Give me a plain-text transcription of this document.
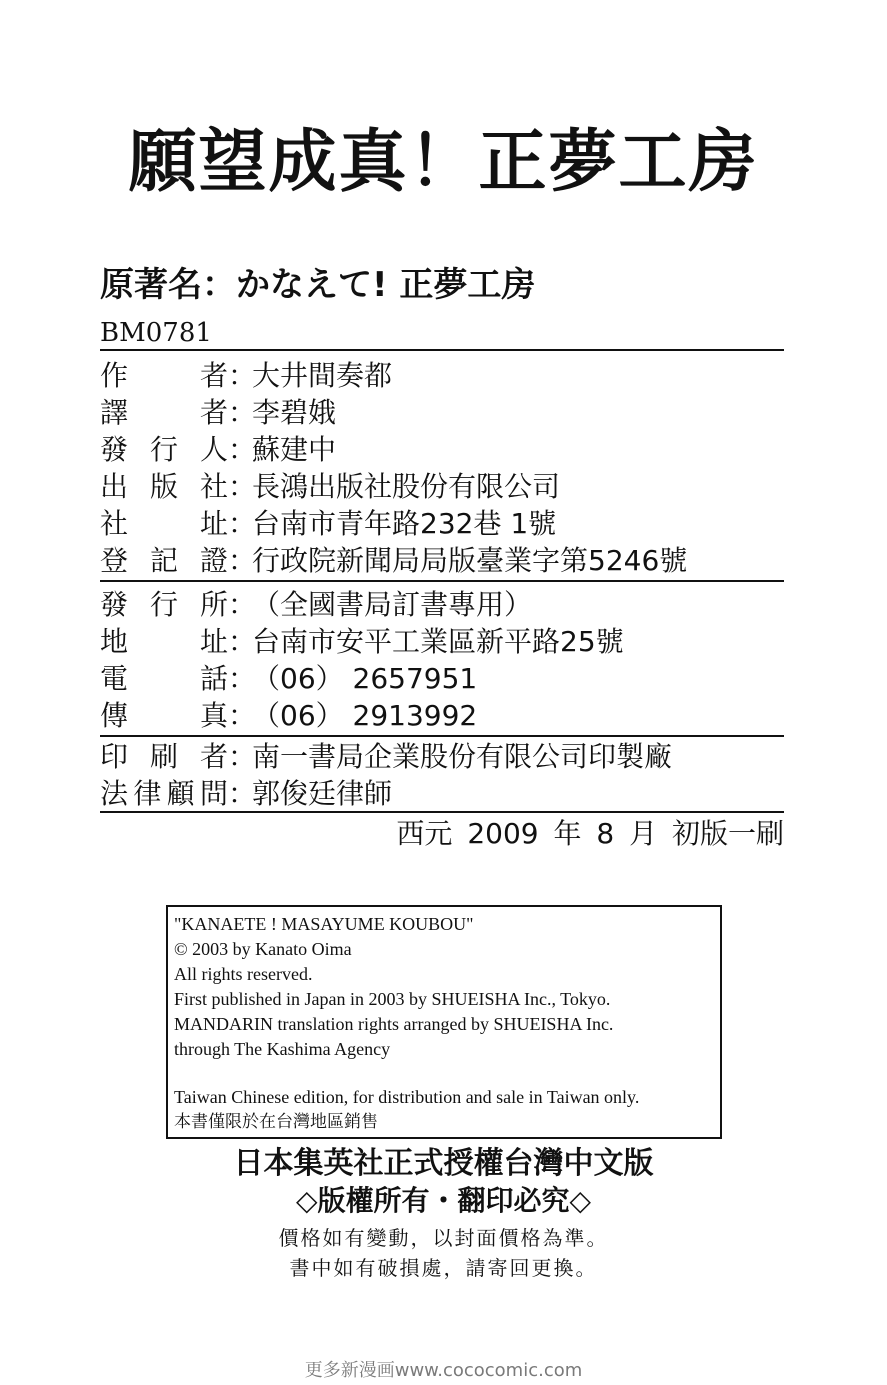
願望成真！正夢工房
原著名：かなえて! 正夢工房
BM0781
作者 ：
大井間奏都
譯者 ：
李碧娥
發行人 ：
蘇建中
出版社 ：
長鴻出版社股份有限公司
社址 ：
台南市青年路232巷 1號
登記證 ：
行政院新聞局局版臺業字第5246號
發行所 ：
（全國書局訂書專用）
地址 ：
台南市安平工業區新平路25號
電話 ：
（06） 2657951
傳真 ：
（06） 2913992
印刷者 ：
南一書局企業股份有限公司印製廠
法律顧問 ：
郭俊廷律師
西元 2009 年 8 月 初版一刷
"KANAETE ! MASAYUME KOUBOU"
© 2003 by Kanato Oima
All rights reserved.
First published in Japan in 2003 by SHUEISHA Inc., Tokyo.
MANDARIN translation rights arranged by SHUEISHA Inc.
through The Kashima Agency
Taiwan Chinese edition, for distribution and sale in Taiwan only.
本書僅限於在台灣地區銷售
日本集英社正式授權台灣中文版
◇版權所有・翻印必究◇
價格如有變動，以封面價格為準。
書中如有破損處，請寄回更換。
更多新漫画www.cococomic.com
